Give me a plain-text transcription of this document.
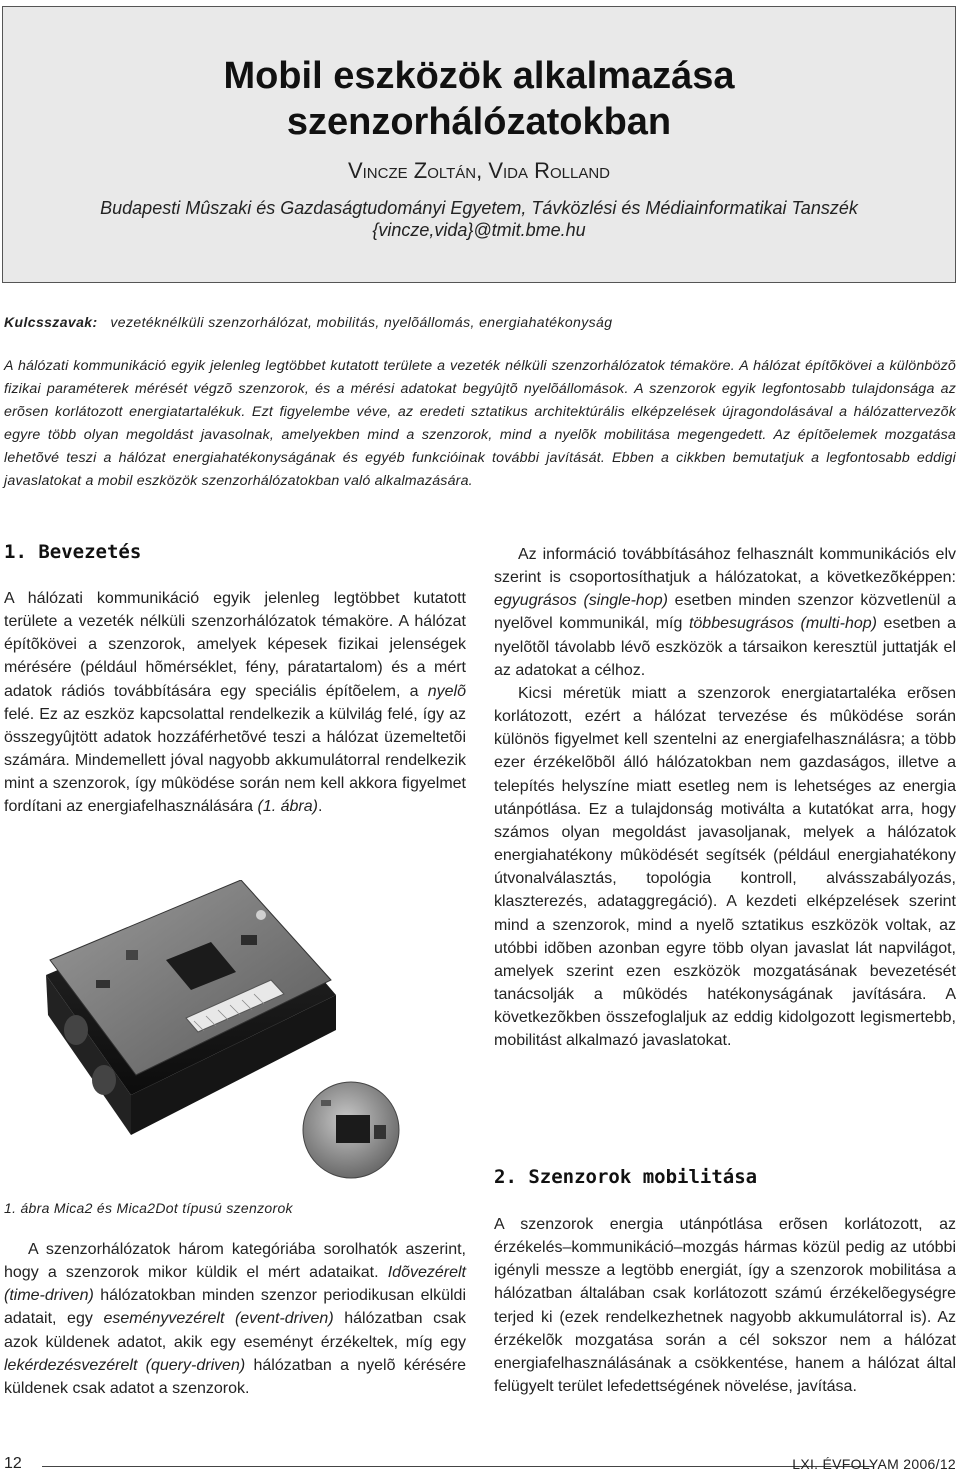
Mobil eszközök alkalmazása
szenzorhálózatokban
Vincze Zoltán, Vida Rolland
Budapesti Mûszaki és Gazdaságtudományi Egyetem, Távközlési és Médiainformatikai Tanszék
{vincze,vida}@tmit.bme.hu
Kulcsszavak: vezetéknélküli szenzorhálózat, mobilitás, nyelõállomás, energiahatékonyság
A hálózati kommunikáció egyik jelenleg legtöbbet kutatott területe a vezeték nélküli szenzorhálózatok témaköre. A hálózat építõkövei a különbözõ fizikai paraméterek mérését végzõ szenzorok, és a mérési adatokat begyûjtõ nyelõállomások. A szenzorok egyik legfontosabb tulajdonsága az erõsen korlátozott energiatartalékuk. Ezt figyelembe véve, az eredeti sztatikus architektúrális elképzelések újragondolásával a hálózattervezõk egyre több olyan megoldást javasolnak, amelyekben mind a szenzorok, mind a nyelõk mobilitása megengedett. Az építõelemek mozgatása lehetõvé teszi a hálózat energiahatékonyságának és egyéb funkcióinak további javítását. Ebben a cikkben bemutatjuk a legfontosabb eddigi javaslatokat a mobil eszközök szenzorhálózatokban való alkalmazására.
1. Bevezetés

A hálózati kommunikáció egyik jelenleg legtöbbet kutatott területe a vezeték nélküli szenzorhálózatok témaköre. A hálózat építõkövei a szenzorok, amelyek képesek fizikai jelenségek mérésére (például hõmérséklet, fény, páratartalom) és a mért adatok rádiós továbbítására egy speciális építõelem, a nyelõ felé. Ez az eszköz kapcsolattal rendelkezik a külvilág felé, így az összegyûjtött adatok hozzáférhetõvé teszi a hálózat üzemeltetõi számára. Mindemellett jóval nagyobb akkumulátorral rendelkezik mint a szenzorok, így mûködése során nem kell akkora figyelmet fordítani az energiafelhasználására (1. ábra).

1. ábra Mica2 és Mica2Dot típusú szenzorok

A szenzorhálózatok három kategóriába sorolhatók aszerint, hogy a szenzorok mikor küldik el mért adataikat. Idõvezérelt (time-driven) hálózatokban minden szenzor periodikusan elküldi adatait, egy eseményvezérelt (event-driven) hálózatban csak azok küldenek adatot, akik egy eseményt érzékeltek, míg egy lekérdezésvezérelt (query-driven) hálózatban a nyelõ kérésére küldenek csak adatot a szenzorok.

Az információ továbbításához felhasznált kommunikációs elv szerint is csoportosíthatjuk a hálózatokat, a következõképpen: egyugrásos (single-hop) esetben minden szenzor közvetlenül a nyelõvel kommunikál, míg többesugrásos (multi-hop) esetben a nyelõtõl távolabb lévõ eszközök a társaikon keresztül juttatják el az adatokat a célhoz.

Kicsi méretük miatt a szenzorok energiatartaléka erõsen korlátozott, ezért a hálózat tervezése és mûködése során különös figyelmet kell szentelni az energiafelhasználásra; a több ezer érzékelõbõl álló hálózatokban nem gazdaságos, illetve a telepítés helyszíne miatt esetleg nem is lehetséges az energia utánpótlása. Ez a tulajdonság motiválta a kutatókat arra, hogy számos olyan megoldást javasoljanak, melyek a hálózatok energiahatékony mûködését segítsék (például energiahatékony útvonalválasztás, topológia kontroll, alvásszabályozás, klaszterezés, adataggregáció). A kezdeti elképzelések szerint mind a szenzorok, mind a nyelõ sztatikus eszközök voltak, az utóbbi idõben azonban egyre több olyan javaslat lát napvilágot, amelyek szerint ezen eszközök mozgatásának bevezetését tanácsolják a mûködés hatékonyságának javítására. A következõkben összefoglaljuk az eddig kidolgozott legismertebb, mobilitást alkalmazó javaslatokat.

2. Szenzorok mobilitása

A szenzorok energia utánpótlása erõsen korlátozott, az érzékelés–kommunikáció–mozgás hármas közül pedig az utóbbi igényli messze a legtöbb energiát, így a szenzorok mobilitása a hálózatban általában csak korlátozott számú érzékelõegységre terjed ki (ezek rendelkezhetnek nagyobb akkumulátorral is). Az érzékelõk mozgatása során a cél sokszor nem a hálózat energiafelhasználásának a csökkentése, hanem a hálózat által felügyelt terület lefedettségének növelése, javítása.

12	LXI. ÉVFOLYAM 2006/12
